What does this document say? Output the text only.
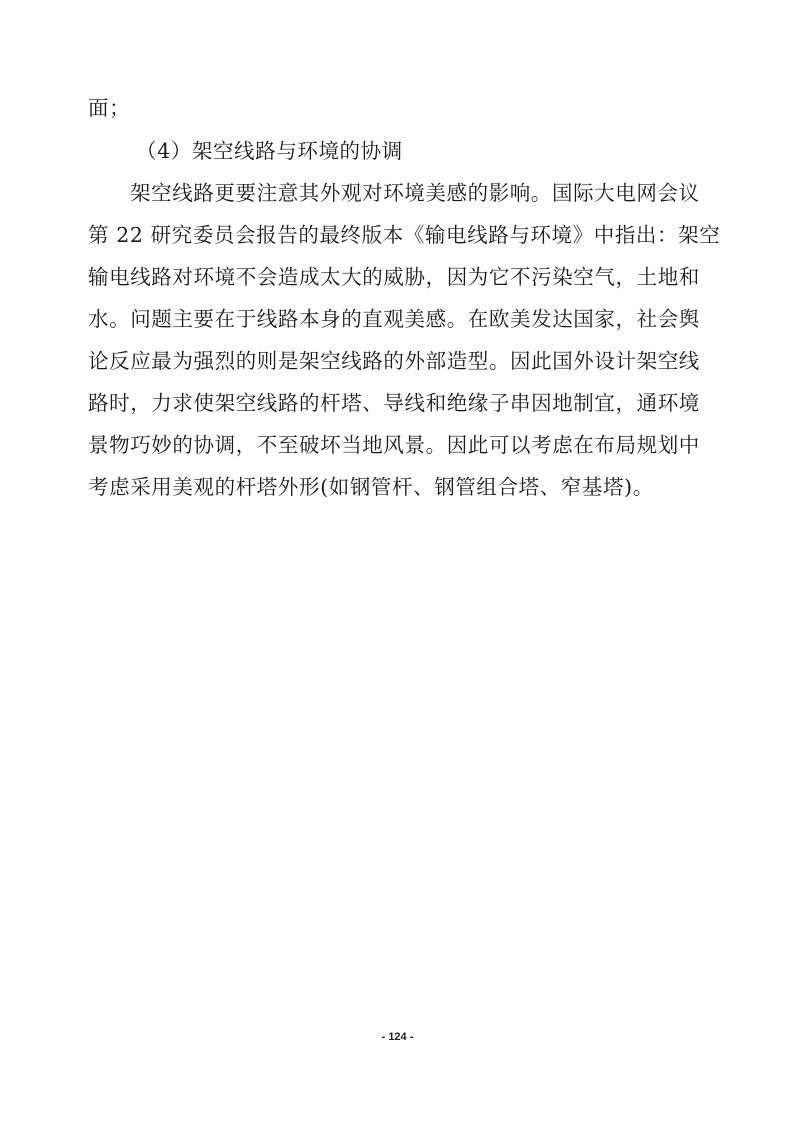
面；
（4）架空线路与环境的协调
架空线路更要注意其外观对环境美感的影响。国际大电网会议
第 22 研究委员会报告的最终版本《输电线路与环境》中指出：架空
输电线路对环境不会造成太大的威胁，因为它不污染空气，土地和
水。问题主要在于线路本身的直观美感。在欧美发达国家，社会舆
论反应最为强烈的则是架空线路的外部造型。因此国外设计架空线
路时，力求使架空线路的杆塔、导线和绝缘子串因地制宜，通环境
景物巧妙的协调，不至破坏当地风景。因此可以考虑在布局规划中
考虑采用美观的杆塔外形(如钢管杆、钢管组合塔、窄基塔)。
- 124 -
